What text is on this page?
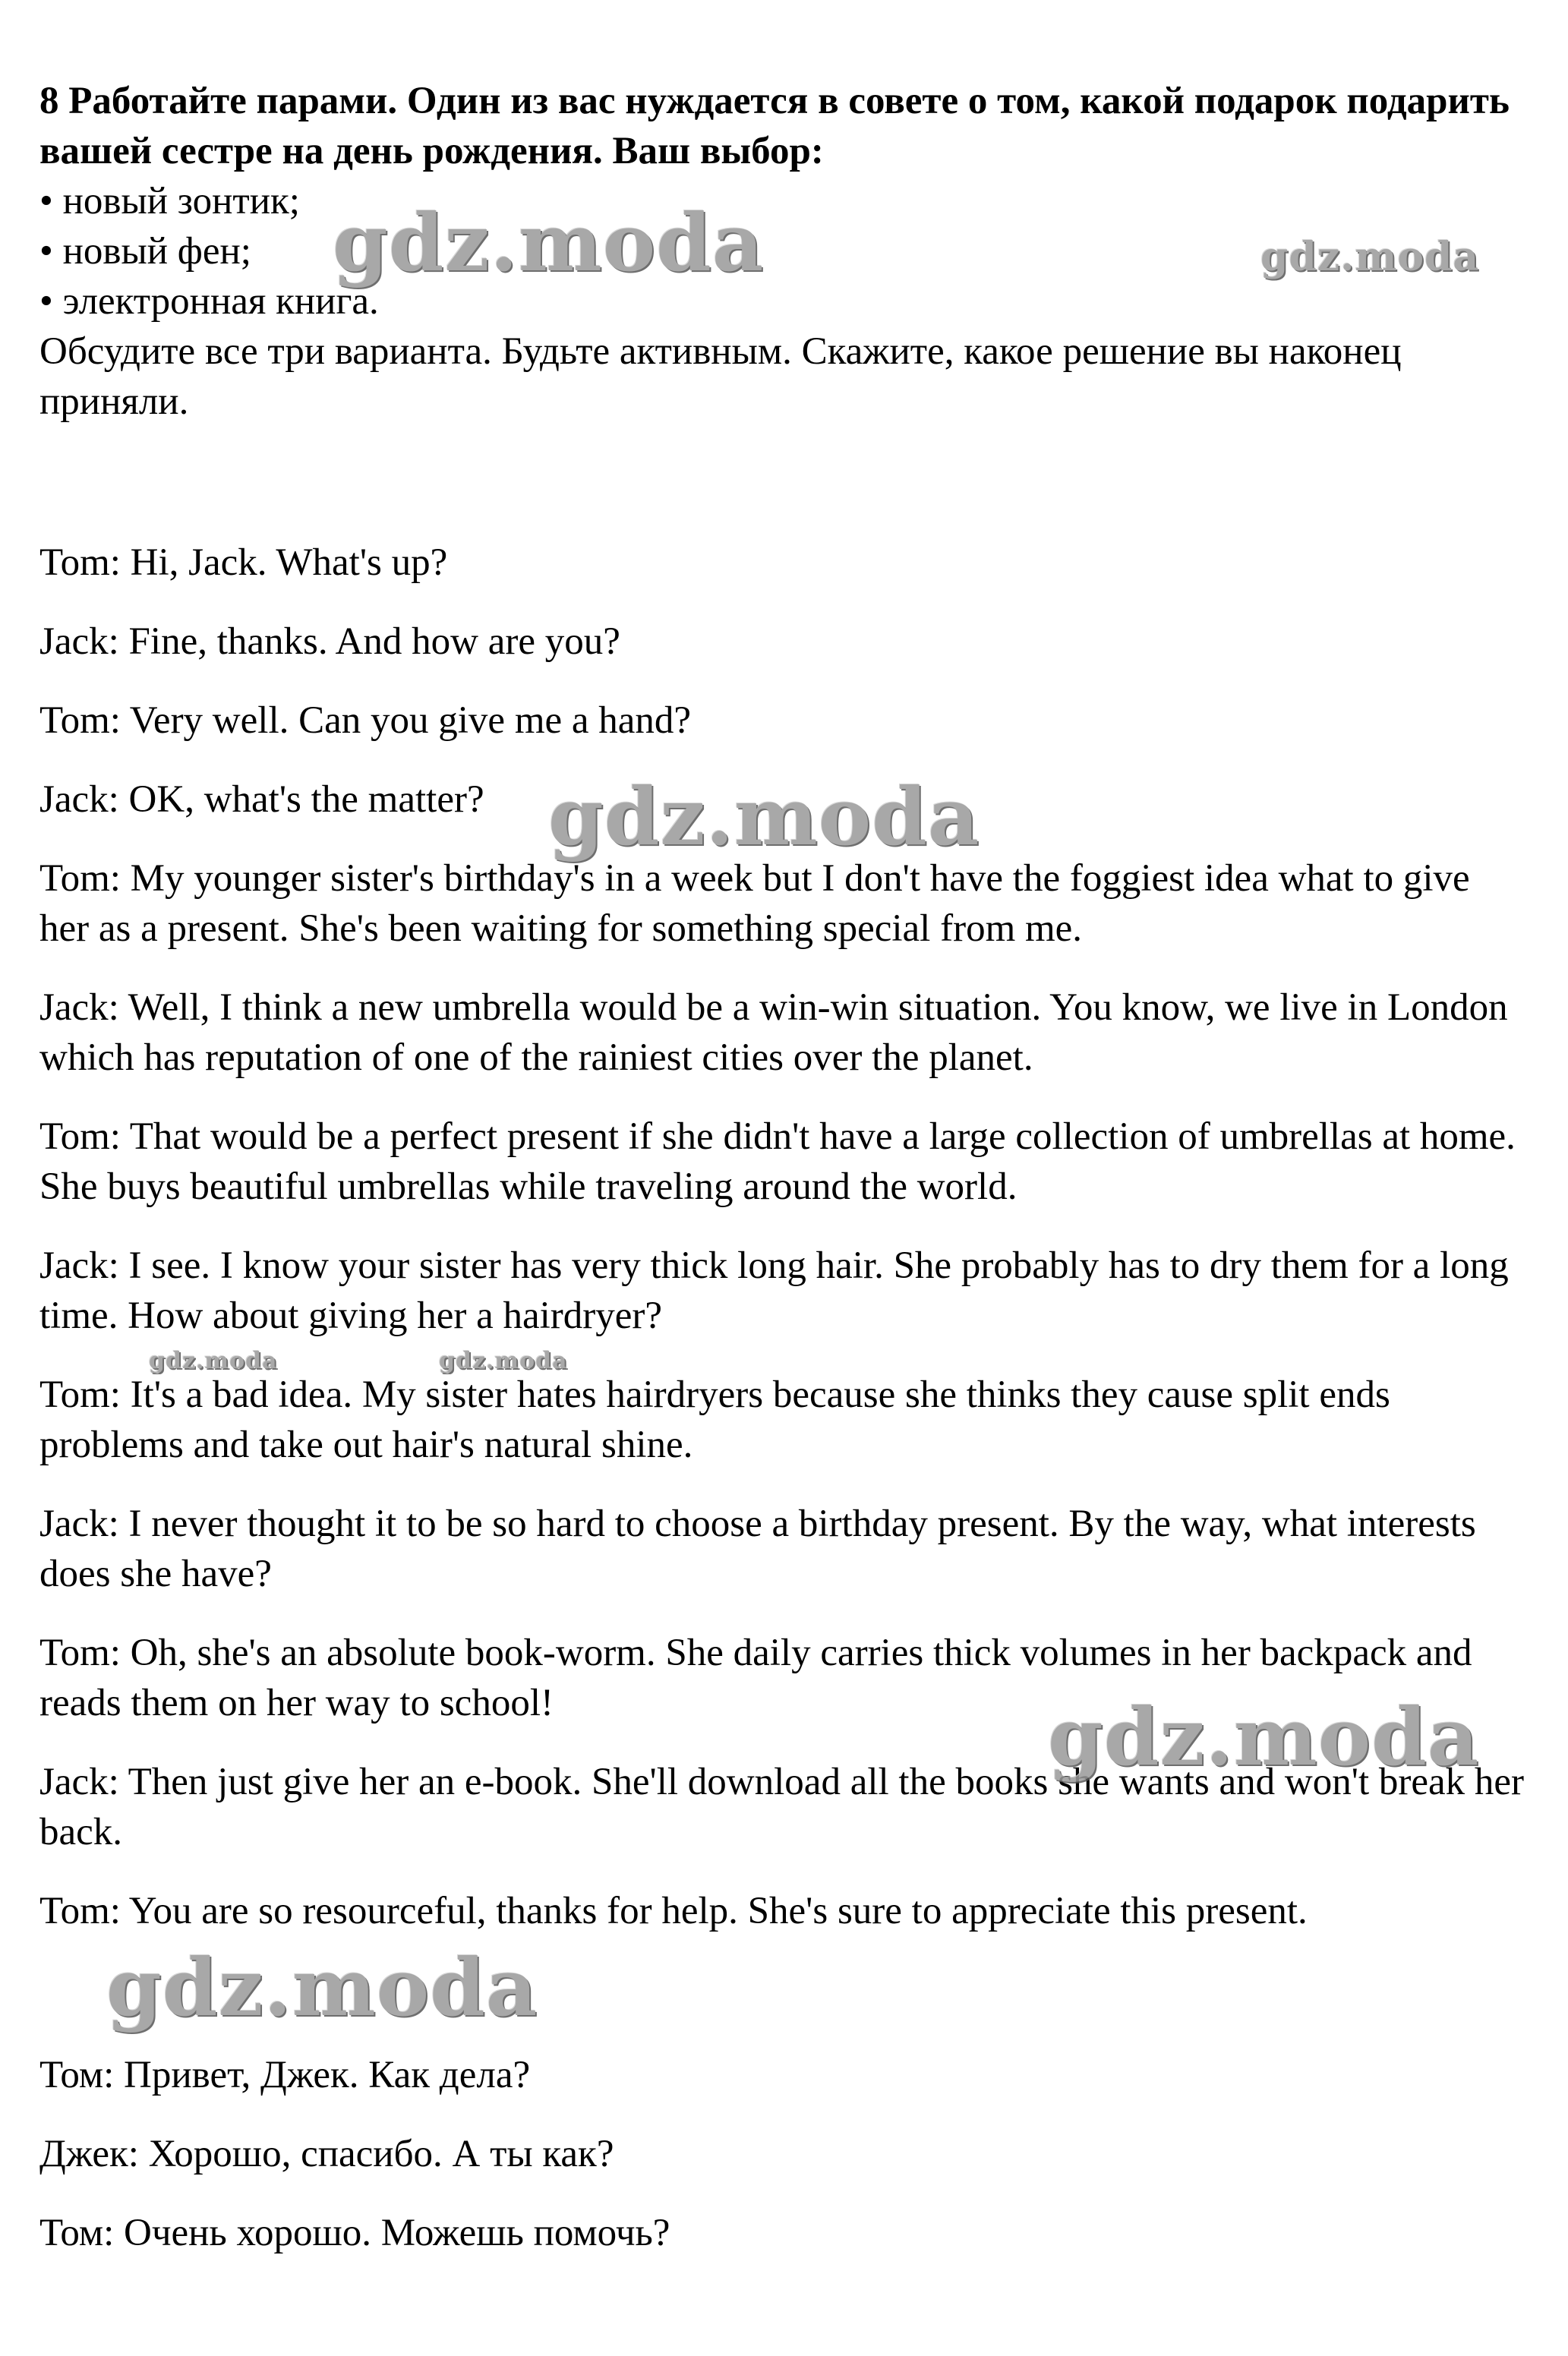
8 Работайте парами. Один из вас нуждается в совете о том, какой подарок подарить вашей сестре на день рождения. Ваш выбор:

• новый зонтик;
• новый фен;
• электронная книга.

Обсудите все три варианта. Будьте активным. Скажите, какое решение вы наконец приняли.

Tom: Hi, Jack. What's up?

Jack: Fine, thanks. And how are you?

Tom: Very well. Can you give me a hand?

Jack: OK, what's the matter?

Tom: My younger sister's birthday's in a week but I don't have the foggiest idea what to give her as a present. She's been waiting for something special from me.

Jack: Well, I think a new umbrella would be a win-win situation. You know, we live in London which has reputation of one of the rainiest cities over the planet.

Tom: That would be a perfect present if she didn't have a large collection of umbrellas at home. She buys beautiful umbrellas while traveling around the world.

Jack: I see. I know your sister has very thick long hair. She probably has to dry them for a long time. How about giving her a hairdryer?

Tom: It's a bad idea. My sister hates hairdryers because she thinks they cause split ends problems and take out hair's natural shine.

Jack: I never thought it to be so hard to choose a birthday present. By the way, what interests does she have?

Tom: Oh, she's an absolute book-worm. She daily carries thick volumes in her backpack and reads them on her way to school!

Jack: Then just give her an e-book. She'll download all the books she wants and won't break her back.

Tom: You are so resourceful, thanks for help. She's sure to appreciate this present.

Том: Привет, Джек. Как дела?

Джек: Хорошо, спасибо. А ты как?

Том: Очень хорошо. Можешь помочь?

gdz.moda	gdz.moda
gdz.moda
gdz.moda	gdz.moda
gdz.moda
gdz.moda
